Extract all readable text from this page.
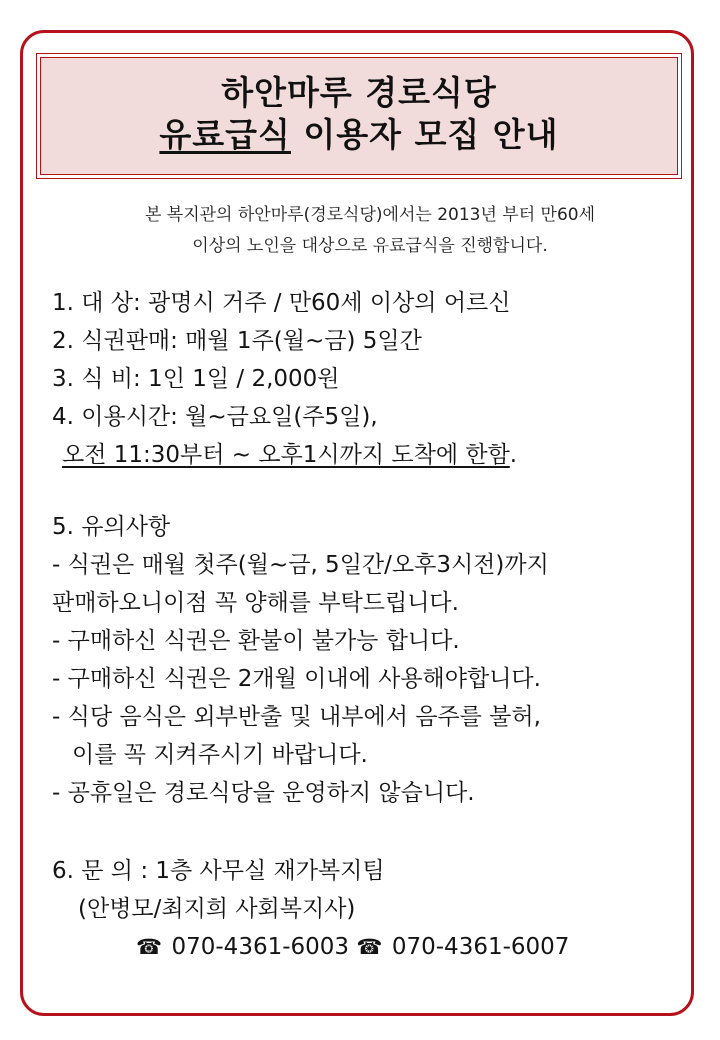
하안마루 경로식당
유료급식 이용자 모집 안내
본 복지관의 하안마루(경로식당)에서는 2013년 부터 만60세
이상의 노인을 대상으로 유료급식을 진행합니다.
1. 대 상: 광명시 거주 / 만60세 이상의 어르신
2. 식권판매: 매월 1주(월~금) 5일간
3. 식 비: 1인 1일 / 2,000원
4. 이용시간: 월~금요일(주5일),
오전 11:30부터 ~ 오후1시까지 도착에 한함.
5. 유의사항
- 식권은 매월 첫주(월~금, 5일간/오후3시전)까지
판매하오니이점 꼭 양해를 부탁드립니다.
- 구매하신 식권은 환불이 불가능 합니다.
- 구매하신 식권은 2개월 이내에 사용해야합니다.
- 식당 음식은 외부반출 및 내부에서 음주를 불허,
이를 꼭 지켜주시기 바랍니다.
- 공휴일은 경로식당을 운영하지 않습니다.
6. 문 의 : 1층 사무실 재가복지팀
(안병모/최지희 사회복지사)
☎ 070-4361-6003 ☎ 070-4361-6007
